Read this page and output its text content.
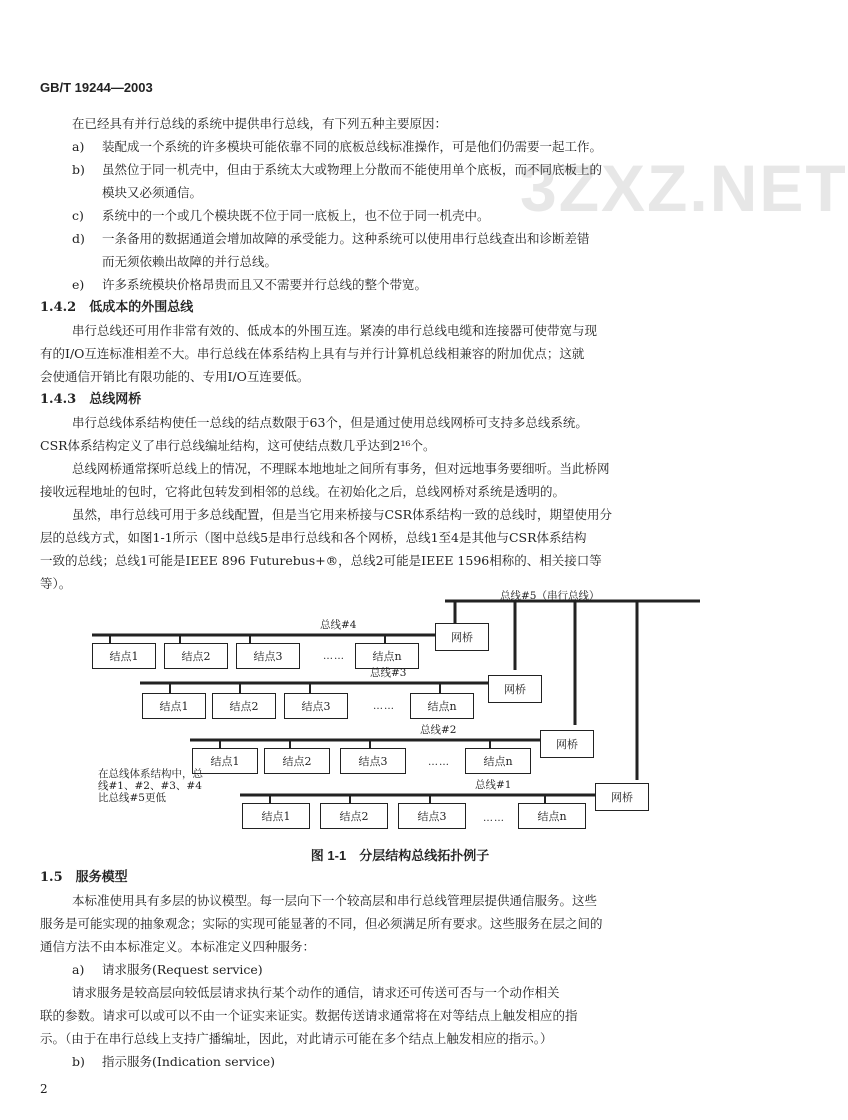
3ZXZ.NET
GB/T 19244—2003
在已经具有并行总线的系统中提供串行总线，有下列五种主要原因：
a) 装配成一个系统的许多模块可能依靠不同的底板总线标准操作，可是他们仍需要一起工作。
b) 虽然位于同一机壳中，但由于系统太大或物理上分散而不能使用单个底板，而不同底板上的
模块又必须通信。
c) 系统中的一个或几个模块既不位于同一底板上，也不位于同一机壳中。
d) 一条备用的数据通道会增加故障的承受能力。这种系统可以使用串行总线查出和诊断差错
而无须依赖出故障的并行总线。
e) 许多系统模块价格昂贵而且又不需要并行总线的整个带宽。
1.4.2　低成本的外围总线
串行总线还可用作非常有效的、低成本的外围互连。紧凑的串行总线电缆和连接器可使带宽与现
有的I/O互连标准相差不大。串行总线在体系结构上具有与并行计算机总线相兼容的附加优点；这就
会使通信开销比有限功能的、专用I/O互连要低。
1.4.3　总线网桥
串行总线体系结构使任一总线的结点数限于63个，但是通过使用总线网桥可支持多总线系统。
CSR体系结构定义了串行总线编址结构，这可使结点数几乎达到2¹⁶个。
总线网桥通常探听总线上的情况，不理睬本地地址之间所有事务，但对远地事务要细听。当此桥网
接收远程地址的包时，它将此包转发到相邻的总线。在初始化之后，总线网桥对系统是透明的。
虽然，串行总线可用于多总线配置，但是当它用来桥接与CSR体系结构一致的总线时，期望使用分
层的总线方式，如图1-1所示（图中总线5是串行总线和各个网桥，总线1至4是其他与CSR体系结构
一致的总线；总线1可能是IEEE 896 Futurebus+®，总线2可能是IEEE 1596相称的、相关接口等
等）。
总线#5（串行总线）
网桥
网桥
网桥
网桥
总线#4
……
结点1	结点2	结点3	结点n
总线#3
……
结点1	结点2	结点3	结点n
总线#2
……
结点1	结点2	结点3	结点n
总线#1
……
结点1	结点2	结点3	结点n
在总线体系结构中，总线#1、#2、#3、#4比总线#5更低
图 1-1　分层结构总线拓扑例子
1.5　服务模型
本标准使用具有多层的协议模型。每一层向下一个较高层和串行总线管理层提供通信服务。这些
服务是可能实现的抽象观念；实际的实现可能显著的不同，但必须满足所有要求。这些服务在层之间的
通信方法不由本标准定义。本标准定义四种服务：
a) 请求服务(Request service)
请求服务是较高层向较低层请求执行某个动作的通信，请求还可传送可否与一个动作相关
联的参数。请求可以或可以不由一个证实来证实。数据传送请求通常将在对等结点上触发相应的指
示。（由于在串行总线上支持广播编址，因此，对此请示可能在多个结点上触发相应的指示。）
b) 指示服务(Indication service)
2
